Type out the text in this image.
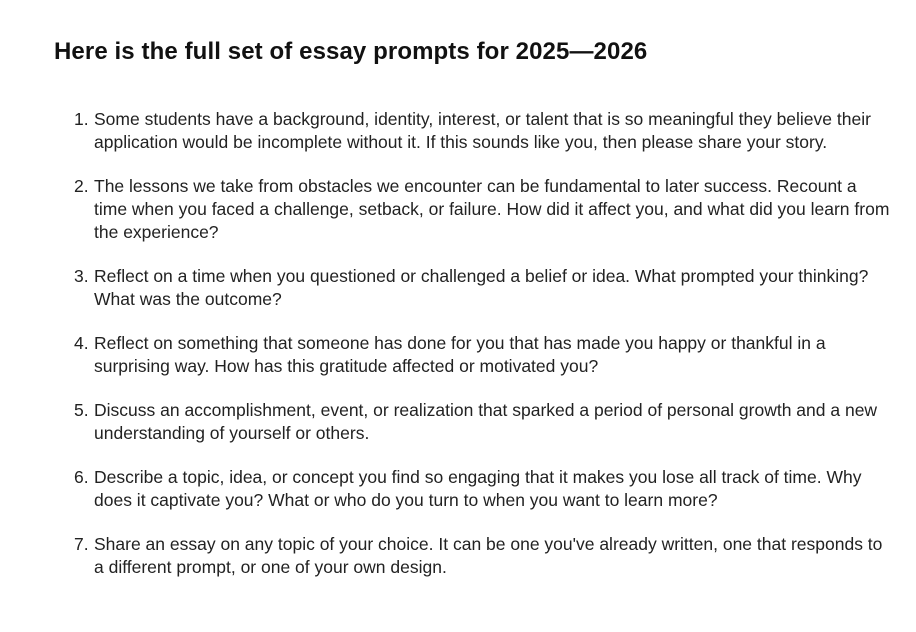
Here is the full set of essay prompts for 2025—2026
1. Some students have a background, identity, interest, or talent that is so meaningful they believe their application would be incomplete without it. If this sounds like you, then please share your story.
2. The lessons we take from obstacles we encounter can be fundamental to later success. Recount a time when you faced a challenge, setback, or failure. How did it affect you, and what did you learn from the experience?
3. Reflect on a time when you questioned or challenged a belief or idea. What prompted your thinking? What was the outcome?
4. Reflect on something that someone has done for you that has made you happy or thankful in a surprising way. How has this gratitude affected or motivated you?
5. Discuss an accomplishment, event, or realization that sparked a period of personal growth and a new understanding of yourself or others.
6. Describe a topic, idea, or concept you find so engaging that it makes you lose all track of time. Why does it captivate you? What or who do you turn to when you want to learn more?
7. Share an essay on any topic of your choice. It can be one you've already written, one that responds to a different prompt, or one of your own design.
